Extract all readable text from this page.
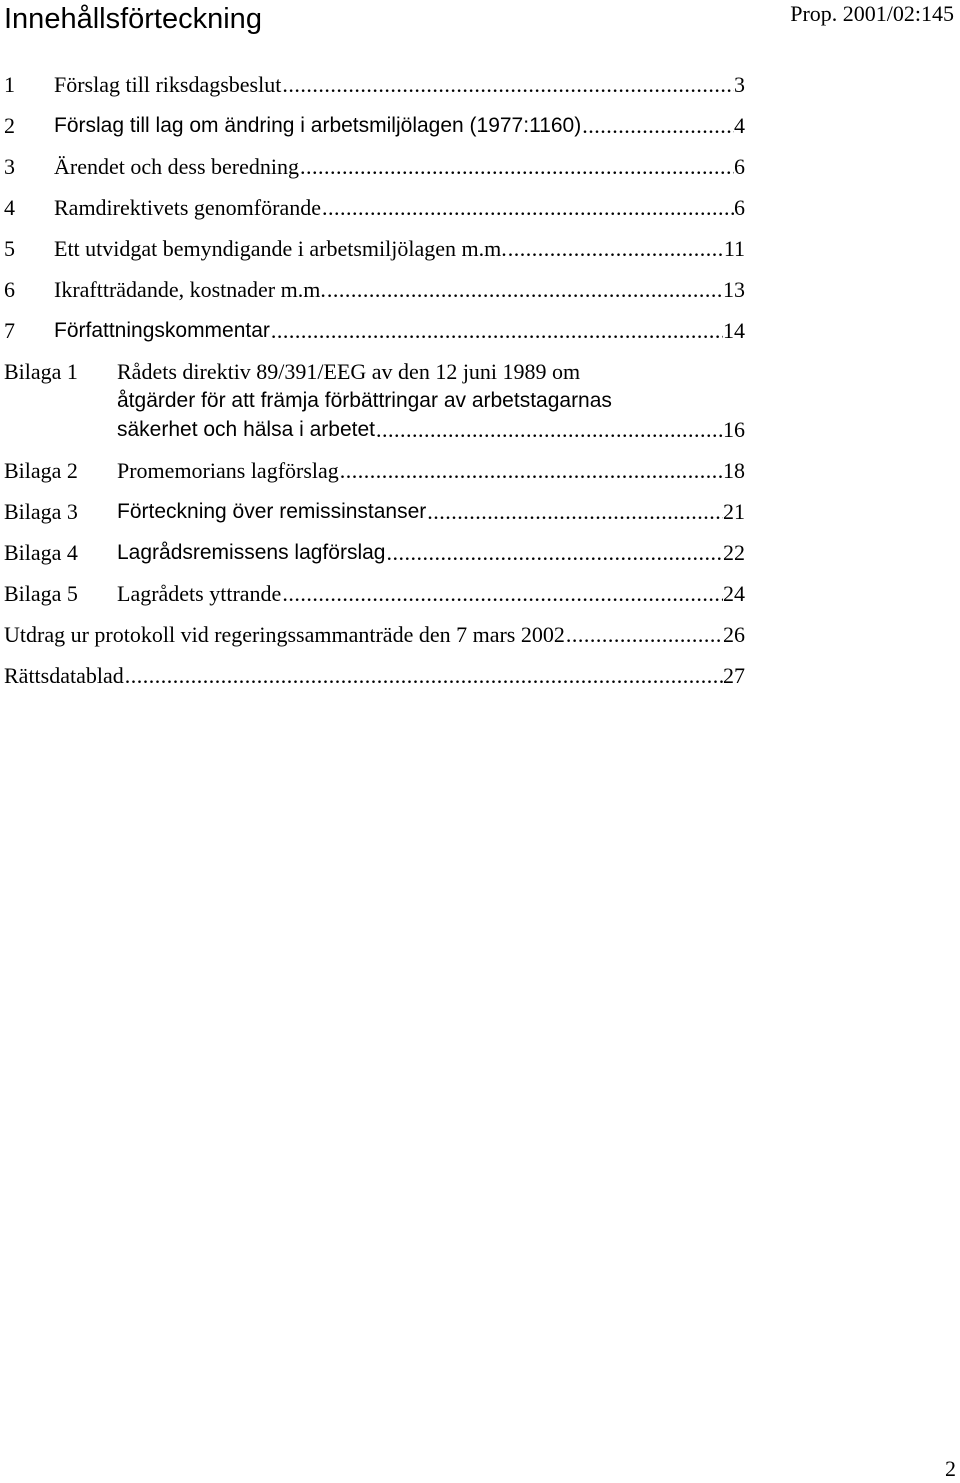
Innehållsförteckning	Prop. 2001/02:145
1	Förslag till riksdagsbeslut .....	3
2	Förslag till lag om ändring i arbetsmiljölagen (1977:1160) .....	4
3	Ärendet och dess beredning .....	6
4	Ramdirektivets genomförande .....	6
5	Ett utvidgat bemyndigande i arbetsmiljölagen m.m. .....	11
6	Ikraftträdande, kostnader m.m. .....	13
7	Författningskommentar .....	14
Bilaga 1	Rådets direktiv 89/391/EEG av den 12 juni 1989 om
åtgärder för att främja förbättringar av arbetstagarnas
säkerhet och hälsa i arbetet .....	16
Bilaga 2	Promemorians lagförslag .....	18
Bilaga 3	Förteckning över remissinstanser .....	21
Bilaga 4	Lagrådsremissens lagförslag .....	22
Bilaga 5	Lagrådets yttrande .....	24
Utdrag ur protokoll vid regeringssammanträde den 7 mars 2002 .....	26
Rättsdatablad .....	27
2
